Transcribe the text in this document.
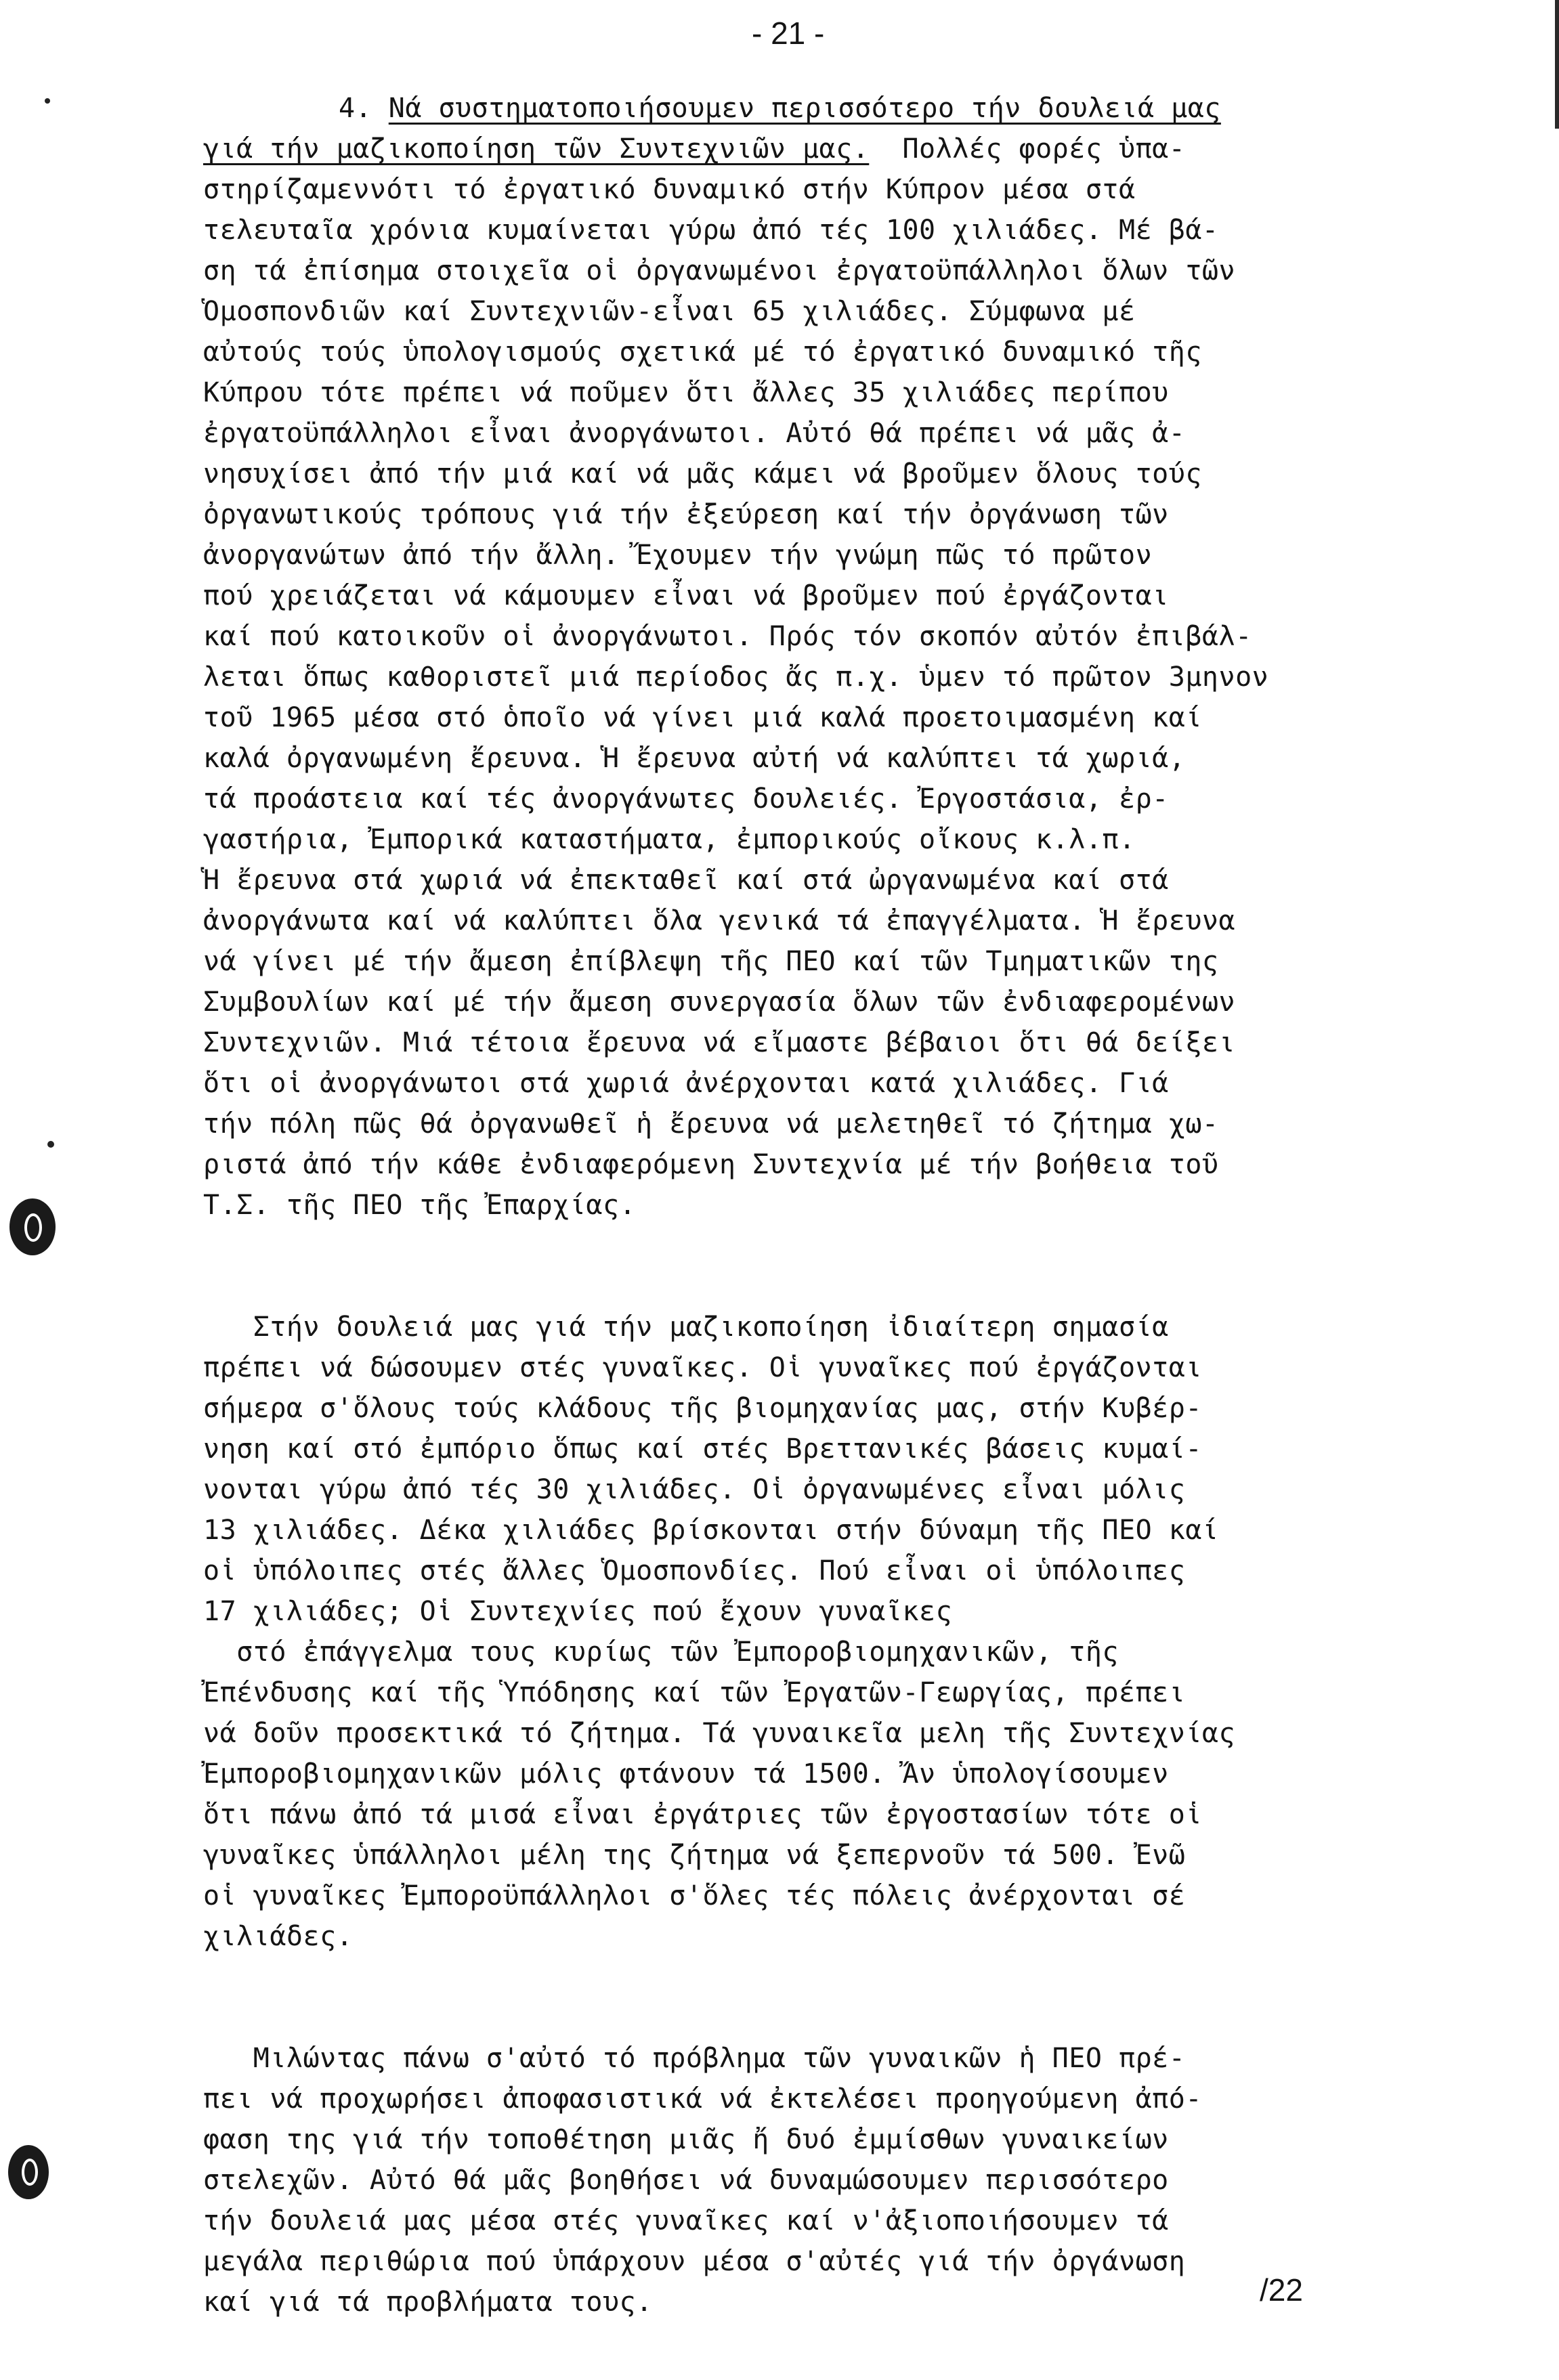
- 21 -
4. Νά συστηματοποιήσουμεν περισσότερο τήν δουλειά μας
γιά τήν μαζικοποίηση τῶν Συντεχνιῶν μας.  Πολλές φορές ὑπα-
στηρίζαμεννότι τό ἐργατικό δυναμικό στήν Κύπρον μέσα στά
τελευταῖα χρόνια κυμαίνεται γύρω ἀπό τές 100 χιλιάδες. Μέ βά-
ση τά ἐπίσημα στοιχεῖα οἱ ὀργανωμένοι ἐργατοϋπάλληλοι ὅλων τῶν
Ὁμοσπονδιῶν καί Συντεχνιῶν-εἶναι 65 χιλιάδες. Σύμφωνα μέ
αὐτούς τούς ὑπολογισμούς σχετικά μέ τό ἐργατικό δυναμικό τῆς
Κύπρου τότε πρέπει νά ποῦμεν ὅτι ἄλλες 35 χιλιάδες περίπου
ἐργατοϋπάλληλοι εἶναι ἀνοργάνωτοι. Αὐτό θά πρέπει νά μᾶς ἀ-
νησυχίσει ἀπό τήν μιά καί νά μᾶς κάμει νά βροῦμεν ὅλους τούς
ὀργανωτικούς τρόπους γιά τήν ἐξεύρεση καί τήν ὀργάνωση τῶν
ἀνοργανώτων ἀπό τήν ἄλλη. Ἔχουμεν τήν γνώμη πῶς τό πρῶτον
πού χρειάζεται νά κάμουμεν εἶναι νά βροῦμεν πού ἐργάζονται
καί πού κατοικοῦν οἱ ἀνοργάνωτοι. Πρός τόν σκοπόν αὐτόν ἐπιβάλ-
λεται ὅπως καθοριστεῖ μιά περίοδος ἄς π.χ. ὑμεν τό πρῶτον 3μηνον
τοῦ 1965 μέσα στό ὁποῖο νά γίνει μιά καλά προετοιμασμένη καί
καλά ὀργανωμένη ἔρευνα. Ἡ ἔρευνα αὐτή νά καλύπτει τά χωριά,
τά προάστεια καί τές ἀνοργάνωτες δουλειές. Ἐργοστάσια, ἐρ-
γαστήρια, Ἐμπορικά καταστήματα, ἐμπορικούς οἴκους κ.λ.π.
Ἡ ἔρευνα στά χωριά νά ἐπεκταθεῖ καί στά ὠργανωμένα καί στά
ἀνοργάνωτα καί νά καλύπτει ὅλα γενικά τά ἐπαγγέλματα. Ἡ ἔρευνα
νά γίνει μέ τήν ἄμεση ἐπίβλεψη τῆς ΠΕΟ καί τῶν Τμηματικῶν της
Συμβουλίων καί μέ τήν ἄμεση συνεργασία ὅλων τῶν ἐνδιαφερομένων
Συντεχνιῶν. Μιά τέτοια ἔρευνα νά εἴμαστε βέβαιοι ὅτι θά δείξει
ὅτι οἱ ἀνοργάνωτοι στά χωριά ἀνέρχονται κατά χιλιάδες. Γιά
τήν πόλη πῶς θά ὀργανωθεῖ ἡ ἔρευνα νά μελετηθεῖ τό ζήτημα χω-
ριστά ἀπό τήν κάθε ἐνδιαφερόμενη Συντεχνία μέ τήν βοήθεια τοῦ
Τ.Σ. τῆς ΠΕΟ τῆς Ἐπαρχίας.
Στήν δουλειά μας γιά τήν μαζικοποίηση ἰδιαίτερη σημασία
πρέπει νά δώσουμεν στές γυναῖκες. Οἱ γυναῖκες πού ἐργάζονται
σήμερα σ'ὅλους τούς κλάδους τῆς βιομηχανίας μας, στήν Κυβέρ-
νηση καί στό ἐμπόριο ὅπως καί στές Βρεττανικές βάσεις κυμαί-
νονται γύρω ἀπό τές 30 χιλιάδες. Οἱ ὀργανωμένες εἶναι μόλις
13 χιλιάδες. Δέκα χιλιάδες βρίσκονται στήν δύναμη τῆς ΠΕΟ καί
οἱ ὑπόλοιπες στές ἄλλες Ὁμοσπονδίες. Πού εἶναι οἱ ὑπόλοιπες
17 χιλιάδες; Οἱ Συντεχνίες πού ἔχουν γυναῖκες
στό ἐπάγγελμα τους κυρίως τῶν Ἐμποροβιομηχανικῶν, τῆς
Ἐπένδυσης καί τῆς Ὑπόδησης καί τῶν Ἐργατῶν-Γεωργίας, πρέπει
νά δοῦν προσεκτικά τό ζήτημα. Τά γυναικεῖα μελη τῆς Συντεχνίας
Ἐμποροβιομηχανικῶν μόλις φτάνουν τά 1500. Ἄν ὑπολογίσουμεν
ὅτι πάνω ἀπό τά μισά εἶναι ἐργάτριες τῶν ἐργοστασίων τότε οἱ
γυναῖκες ὑπάλληλοι μέλη της ζήτημα νά ξεπερνοῦν τά 500. Ἐνῶ
οἱ γυναῖκες Ἐμποροϋπάλληλοι σ'ὅλες τές πόλεις ἀνέρχονται σέ
χιλιάδες.
Μιλώντας πάνω σ'αὐτό τό πρόβλημα τῶν γυναικῶν ἡ ΠΕΟ πρέ-
πει νά προχωρήσει ἀποφασιστικά νά ἐκτελέσει προηγούμενη ἀπό-
φαση της γιά τήν τοποθέτηση μιᾶς ἤ δυό ἐμμίσθων γυναικείων
στελεχῶν. Αὐτό θά μᾶς βοηθήσει νά δυναμώσουμεν περισσότερο
τήν δουλειά μας μέσα στές γυναῖκες καί ν'ἀξιοποιήσουμεν τά
μεγάλα περιθώρια πού ὑπάρχουν μέσα σ'αὐτές γιά τήν ὀργάνωση
καί γιά τά προβλήματα τους.	/22
